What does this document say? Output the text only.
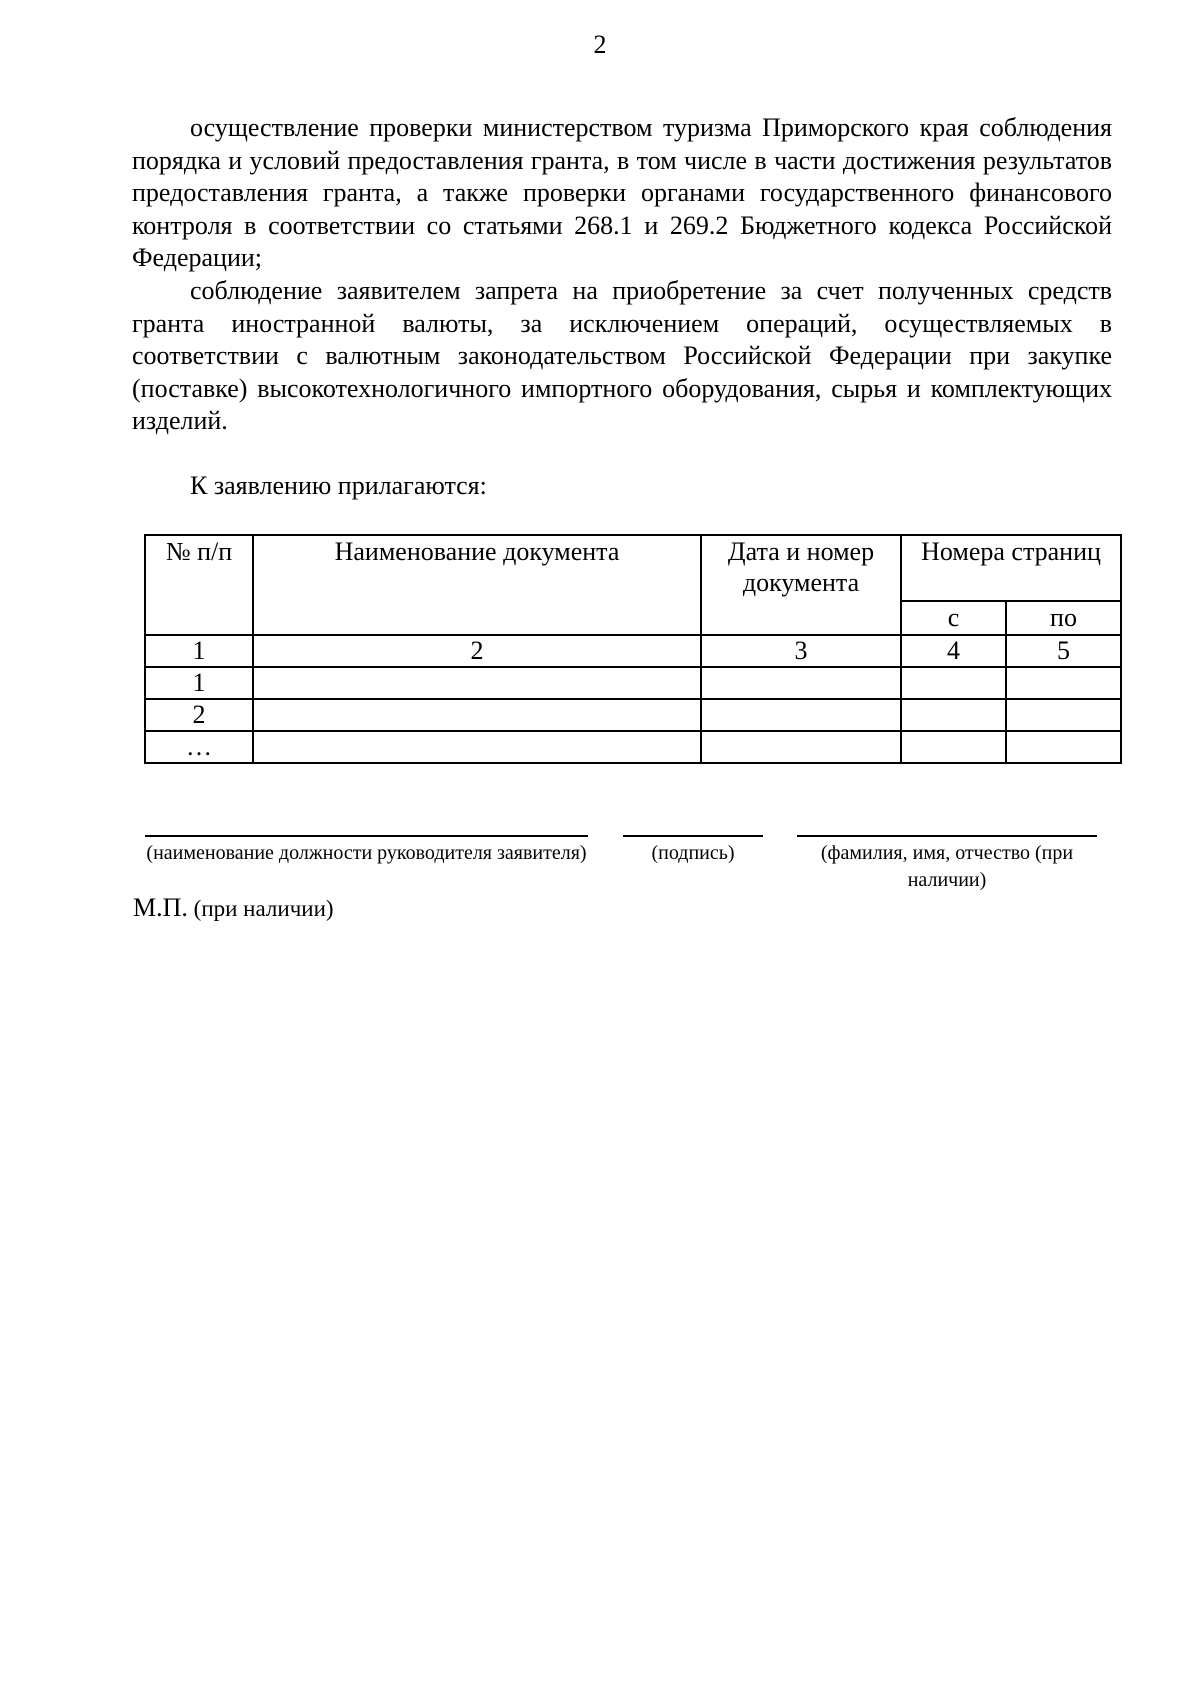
2

осуществление проверки министерством туризма Приморского края соблюдения порядка и условий предоставления гранта, в том числе в части достижения результатов предоставления гранта, а также проверки органами государственного финансового контроля в соответствии со статьями 268.1 и 269.2 Бюджетного кодекса Российской Федерации;

соблюдение заявителем запрета на приобретение за счет полученных средств гранта иностранной валюты, за исключением операций, осуществляемых в соответствии с валютным законодательством Российской Федерации при закупке (поставке) высокотехнологичного импортного оборудования, сырья и комплектующих изделий.

К заявлению прилагаются:
№ п/п	Наименование документа	Дата и номер документа	Номера страниц	
			с	по
1	2	3	4	5
1				
2				
…				
(наименование должности руководителя заявителя)	(подпись)	(фамилия, имя, отчество (при наличии)
М.П. (при наличии)
